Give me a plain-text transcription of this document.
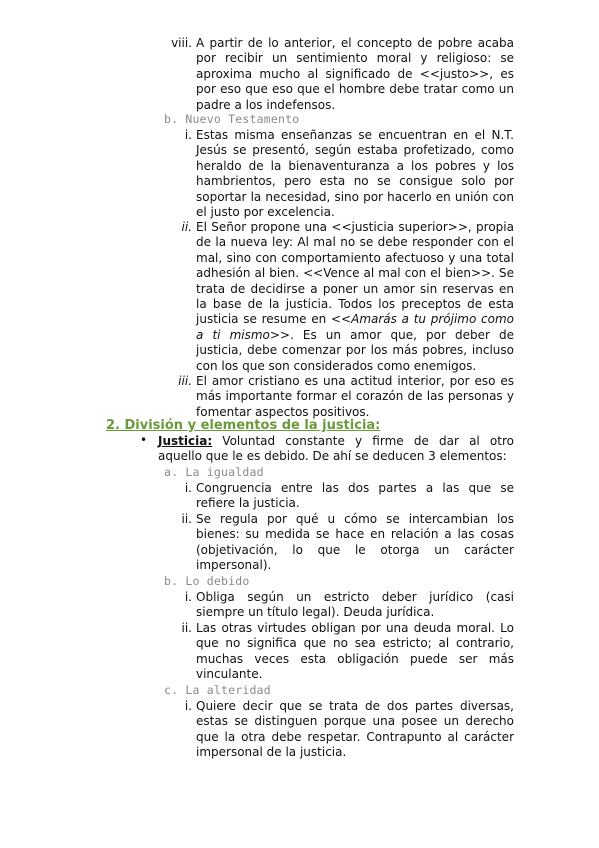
viii. A partir de lo anterior, el concepto de pobre acaba
por recibir un sentimiento moral y religioso: se
aproxima mucho al significado de <<justo>>, es
por eso que eso que el hombre debe tratar como un
padre a los indefensos.
b. Nuevo Testamento
i. Estas misma enseñanzas se encuentran en el N.T.
Jesús se presentó, según estaba profetizado, como
heraldo de la bienaventuranza a los pobres y los
hambrientos, pero esta no se consigue solo por
soportar la necesidad, sino por hacerlo en unión con
el justo por excelencia.
ii. El Señor propone una <<justicia superior>>, propia
de la nueva ley: Al mal no se debe responder con el
mal, sino con comportamiento afectuoso y una total
adhesión al bien. <<Vence al mal con el bien>>. Se
trata de decidirse a poner un amor sin reservas en
la base de la justicia. Todos los preceptos de esta
justicia se resume en <<Amarás a tu prójimo como
a ti mismo>>. Es un amor que, por deber de
justicia, debe comenzar por los más pobres, incluso
con los que son considerados como enemigos.
iii. El amor cristiano es una actitud interior, por eso es
más importante formar el corazón de las personas y
fomentar aspectos positivos.
2. División y elementos de la justicia:
• Justicia: Voluntad constante y firme de dar al otro
aquello que le es debido. De ahí se deducen 3 elementos:
a. La igualdad
i. Congruencia entre las dos partes a las que se
refiere la justicia.
ii. Se regula por qué u cómo se intercambian los
bienes: su medida se hace en relación a las cosas
(objetivación, lo que le otorga un carácter
impersonal).
b. Lo debido
i. Obliga según un estricto deber jurídico (casi
siempre un título legal). Deuda jurídica.
ii. Las otras virtudes obligan por una deuda moral. Lo
que no significa que no sea estricto; al contrario,
muchas veces esta obligación puede ser más
vinculante.
c. La alteridad
i. Quiere decir que se trata de dos partes diversas,
estas se distinguen porque una posee un derecho
que la otra debe respetar. Contrapunto al carácter
impersonal de la justicia.
